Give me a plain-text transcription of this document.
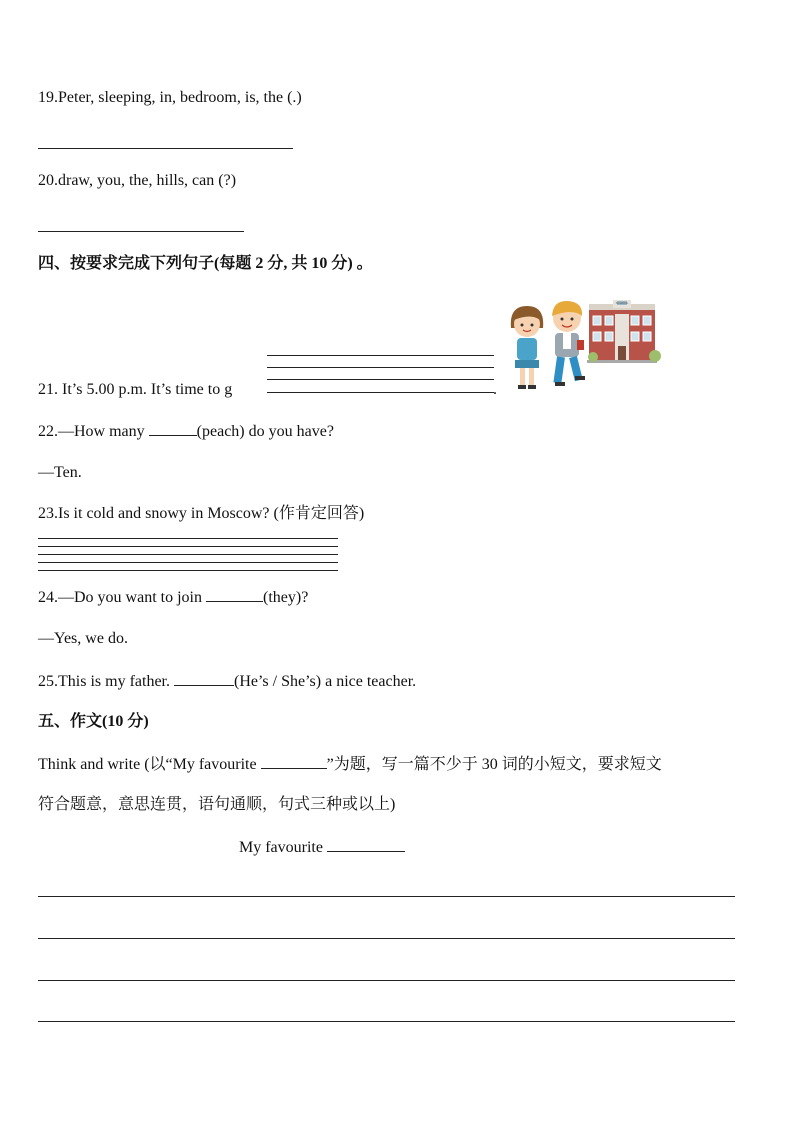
19.Peter, sleeping, in, bedroom, is, the (.)
20.draw, you, the, hills, can (?)
四、按要求完成下列句子(每题 2 分, 共 10 分) 。
21. It’s 5.00 p.m. It’s time to g	.
SCHOOL
22.—How many	(peach) do you have?
—Ten.
23.Is it cold and snowy in Moscow? (作肯定回答)
24.—Do you want to join	(they)?
—Yes, we do.
25.This is my father.	(He’s / She’s) a nice teacher.
五、作文(10 分)
Think and write (以“My favourite	”为题，写一篇不少于 30 词的小短文，要求短文
符合题意，意思连贯，语句通顺，句式三种或以上)
My favourite
